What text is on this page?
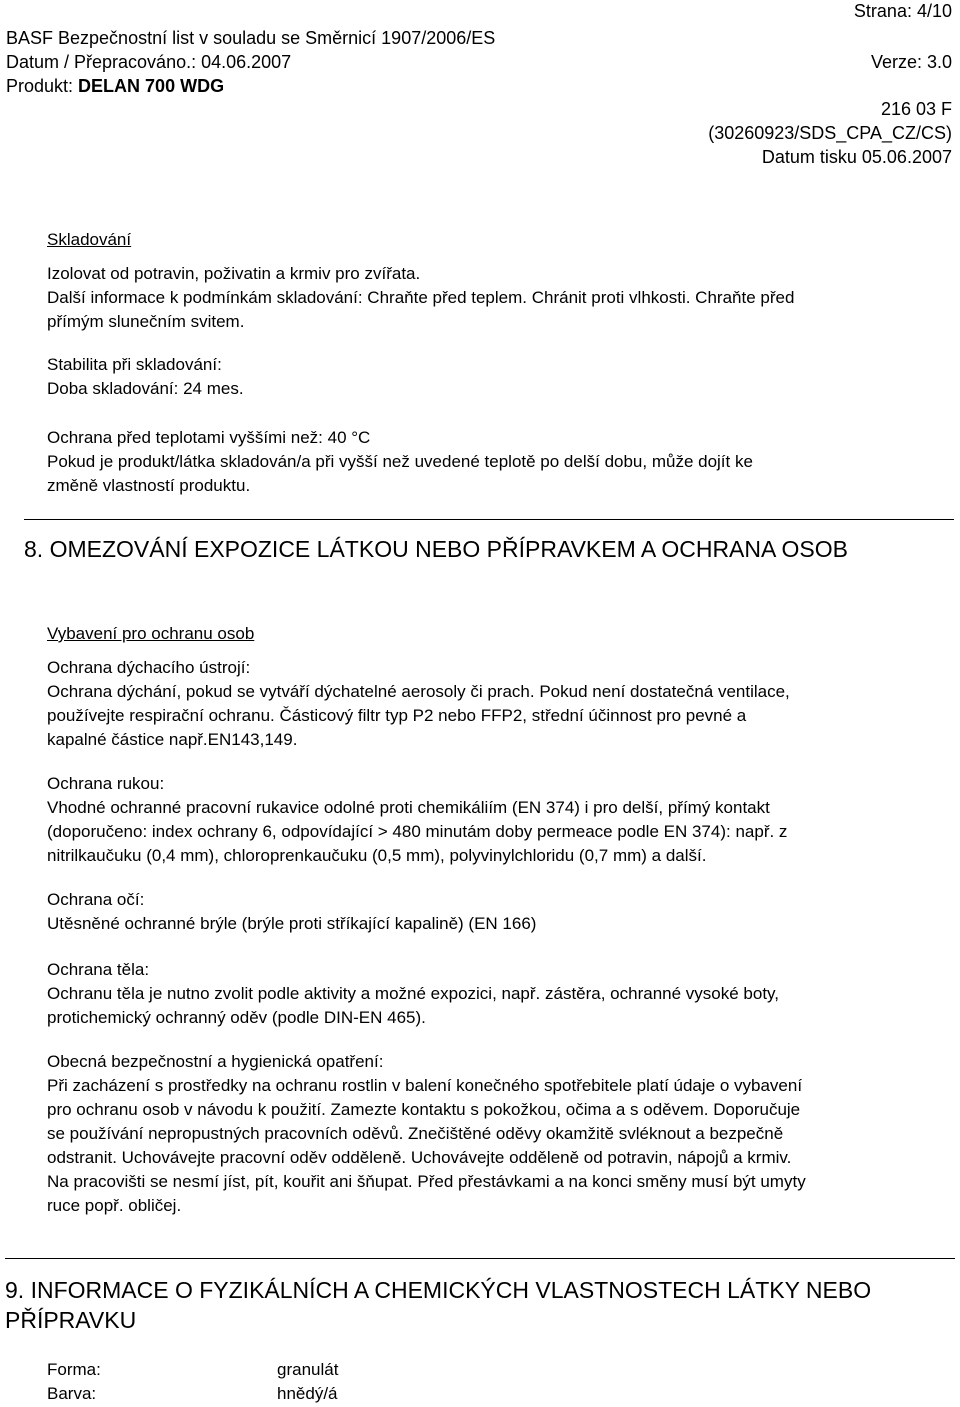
Strana: 4/10
BASF Bezpečnostní list v souladu se Směrnicí 1907/2006/ES
Datum / Přepracováno.: 04.06.2007	Verze: 3.0
Produkt: DELAN 700 WDG
216 03 F
(30260923/SDS_CPA_CZ/CS)
Datum tisku 05.06.2007
Skladování
Izolovat od potravin, poživatin a krmiv pro zvířata.
Další informace k podmínkám skladování: Chraňte před teplem. Chránit proti vlhkosti. Chraňte před
přímým slunečním svitem.
Stabilita při skladování:
Doba skladování: 24 mes.
Ochrana před teplotami vyššími než: 40 °C
Pokud je produkt/látka skladován/a při vyšší než uvedené teplotě po delší dobu, může dojít ke
změně vlastností produktu.
8. OMEZOVÁNÍ EXPOZICE LÁTKOU NEBO PŘÍPRAVKEM A OCHRANA OSOB
Vybavení pro ochranu osob
Ochrana dýchacího ústrojí:
Ochrana dýchání, pokud se vytváří dýchatelné aerosoly či prach. Pokud není dostatečná ventilace,
používejte respirační ochranu. Částicový filtr typ P2 nebo FFP2, střední účinnost pro pevné a
kapalné částice např.EN143,149.
Ochrana rukou:
Vhodné ochranné pracovní rukavice odolné proti chemikáliím (EN 374) i pro delší, přímý kontakt
(doporučeno: index ochrany 6, odpovídající > 480 minutám doby permeace podle EN 374): např. z
nitrilkaučuku (0,4 mm), chloroprenkaučuku (0,5 mm), polyvinylchloridu (0,7 mm) a další.
Ochrana očí:
Utěsněné ochranné brýle (brýle proti stříkající kapalině) (EN 166)
Ochrana těla:
Ochranu těla je nutno zvolit podle aktivity a možné expozici, např. zástěra, ochranné vysoké boty,
protichemický ochranný oděv (podle DIN-EN 465).
Obecná bezpečnostní a hygienická opatření:
Při zacházení s prostředky na ochranu rostlin v balení konečného spotřebitele platí údaje o vybavení
pro ochranu osob v návodu k použití. Zamezte kontaktu s pokožkou, očima a s oděvem. Doporučuje
se používání nepropustných pracovních oděvů. Znečištěné oděvy okamžitě svléknout a bezpečně
odstranit. Uchovávejte pracovní oděv odděleně. Uchovávejte odděleně od potravin, nápojů a krmiv.
Na pracovišti se nesmí jíst, pít, kouřit ani šňupat. Před přestávkami a na konci směny musí být umyty
ruce popř. obličej.
9. INFORMACE O FYZIKÁLNÍCH A CHEMICKÝCH VLASTNOSTECH LÁTKY NEBO
PŘÍPRAVKU
Forma:	granulát
Barva:	hnědý/á
